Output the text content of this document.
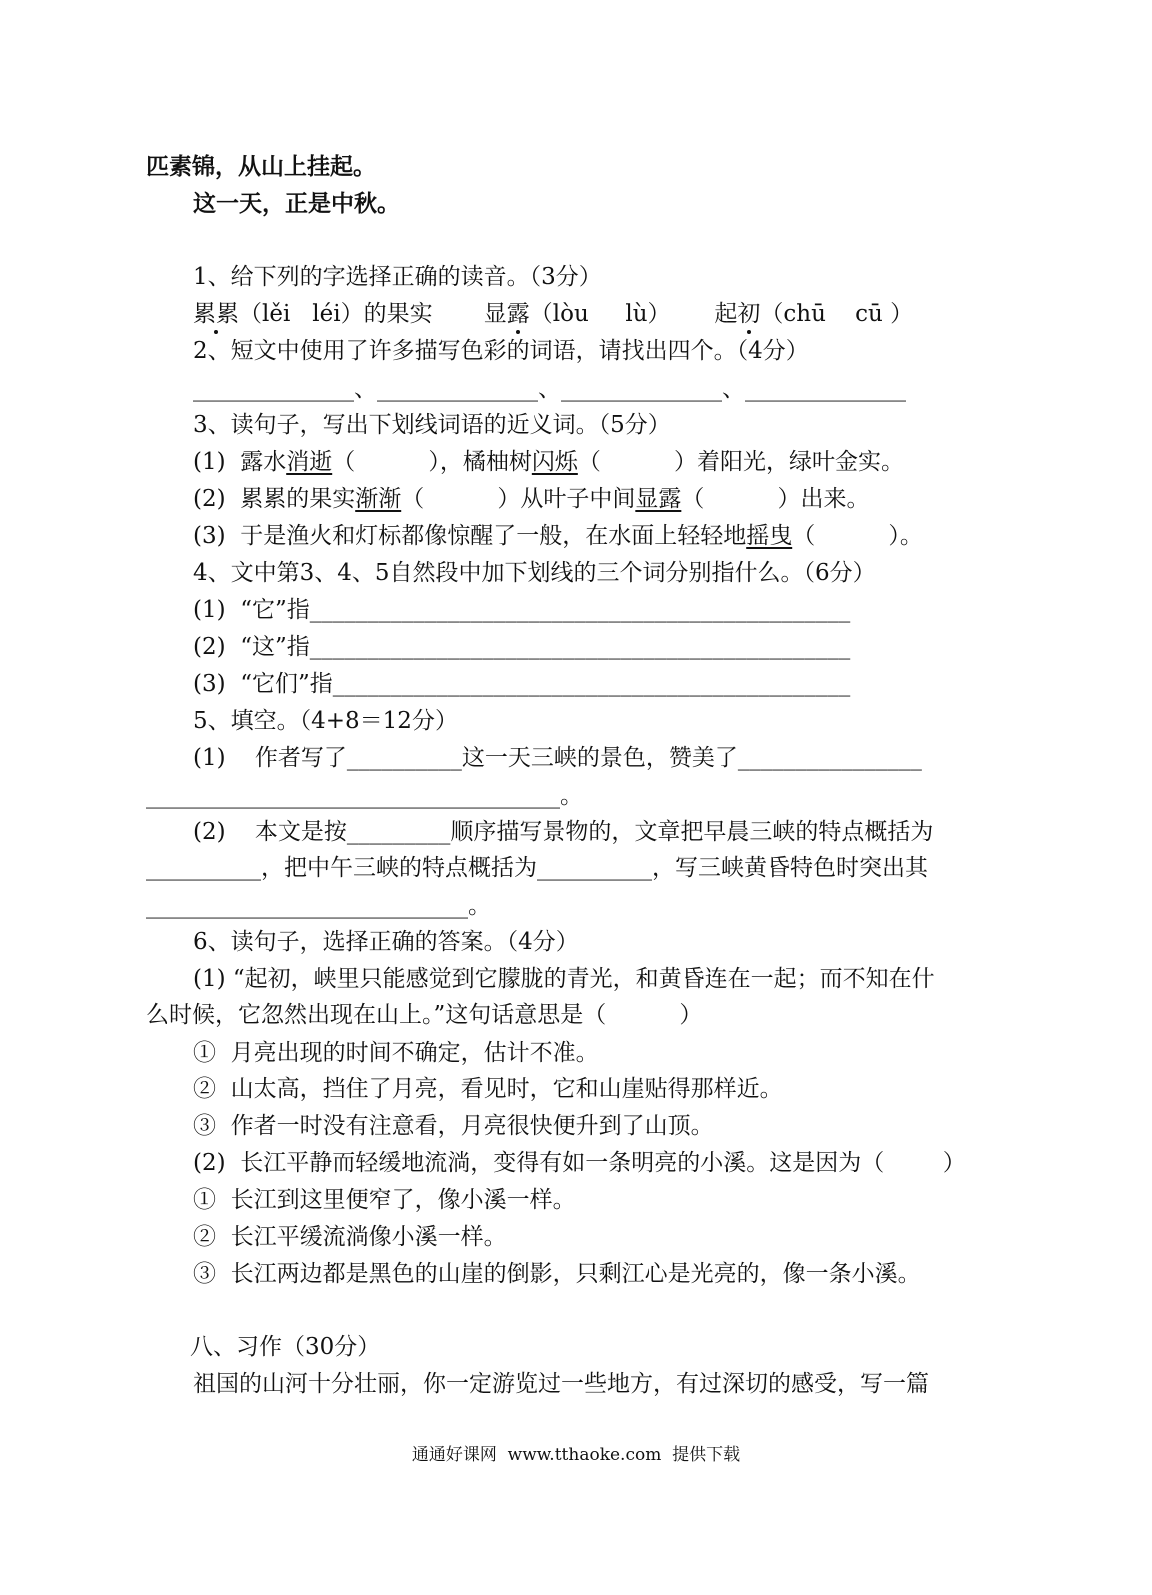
匹素锦，从山上挂起。
这一天，正是中秋。
1、给下列的字选择正确的读音。（3分）
累累（lěi   léi）的果实 显露（lòu     lù） 起初（chū    cū ）
2、短文中使用了许多描写色彩的词语，请找出四个。（4分）
______________、______________、______________、______________
3、读句子，写出下划线词语的近义词。（5分）
(1)  露水消逝（          ），橘柚树闪烁（          ）着阳光，绿叶金实。
(2)  累累的果实渐渐（          ）从叶子中间显露（          ）出来。
(3)  于是渔火和灯标都像惊醒了一般，在水面上轻轻地摇曳（          ）。
4、文中第3、4、5自然段中加下划线的三个词分别指什么。（6分）
(1)  “它”指_______________________________________________
(2)  “这”指_______________________________________________
(3)  “它们”指_____________________________________________
5、填空。（4+8＝12分）
(1)    作者写了__________这一天三峡的景色，赞美了________________
____________________________________。
(2)    本文是按_________顺序描写景物的，文章把早晨三峡的特点概括为
__________，把中午三峡的特点概括为__________，写三峡黄昏特色时突出其
____________________________。
6、读句子，选择正确的答案。（4分）
(1) “起初，峡里只能感觉到它朦胧的青光，和黄昏连在一起；而不知在什
么时候，它忽然出现在山上。”这句话意思是（          ）
①  月亮出现的时间不确定，估计不准。
②  山太高，挡住了月亮，看见时，它和山崖贴得那样近。
③  作者一时没有注意看，月亮很快便升到了山顶。
(2)  长江平静而轻缓地流淌，变得有如一条明亮的小溪。这是因为（        ）
①  长江到这里便窄了，像小溪一样。
②  长江平缓流淌像小溪一样。
③  长江两边都是黑色的山崖的倒影，只剩江心是光亮的，像一条小溪。
八、习作（30分）
祖国的山河十分壮丽，你一定游览过一些地方，有过深切的感受，写一篇
通通好课网  www.tthaoke.com  提供下载
